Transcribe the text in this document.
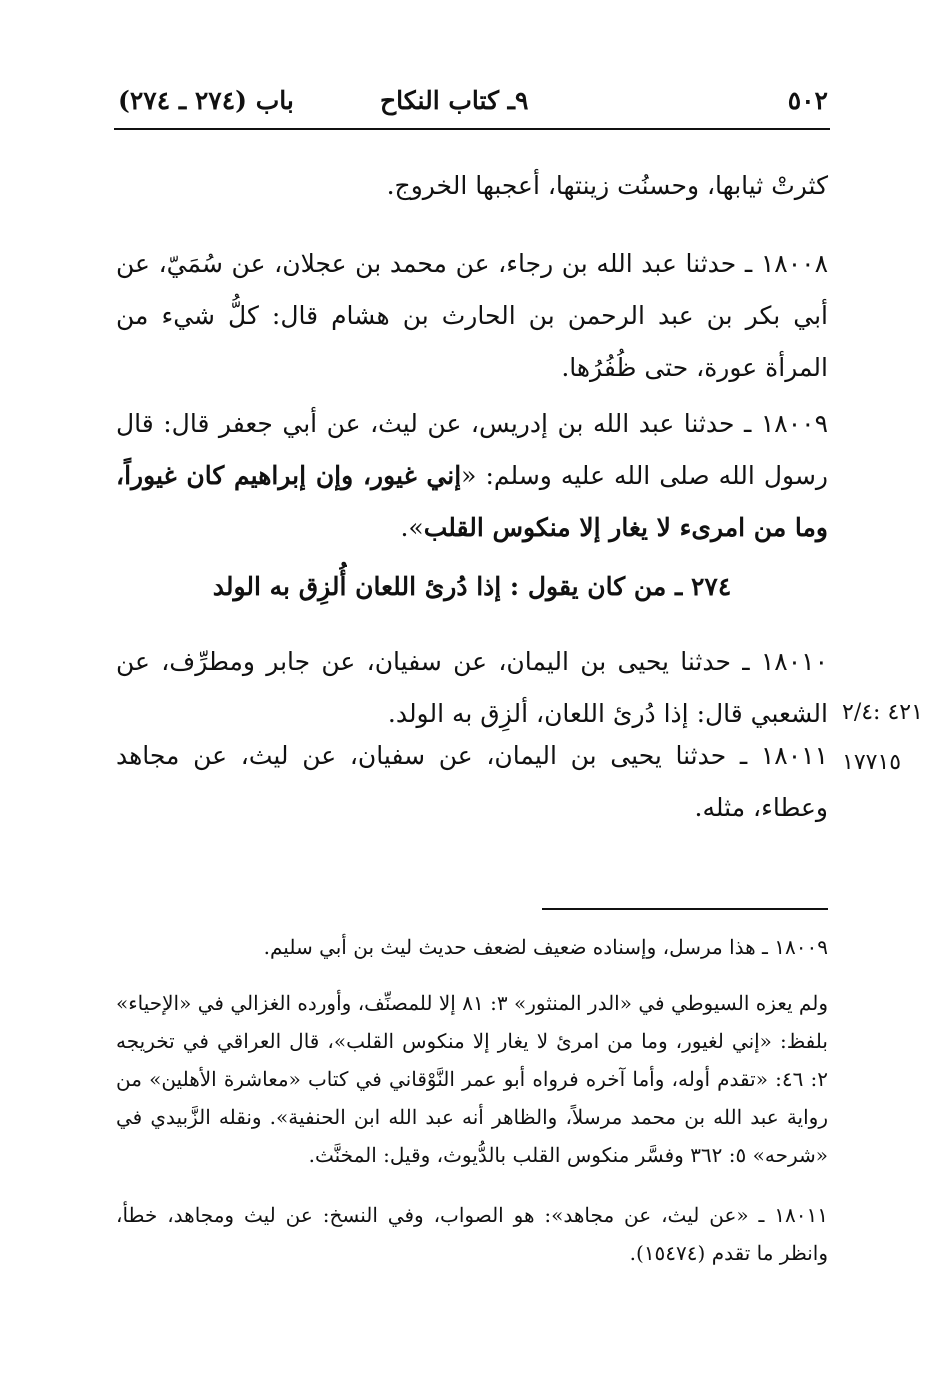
٥٠٢
٩ـ كتاب النكاح
باب (٢٧٤ ـ ٢٧٤)

كثرتْ ثيابها، وحسنُت زينتها، أعجبها الخروج.

١٨٠٠٨ ـ حدثنا عبد الله بن رجاء، عن محمد بن عجلان، عن سُمَيّ، عن أبي بكر بن عبد الرحمن بن الحارث بن هشام قال: كلُّ شيء من المرأة عورة، حتى ظُفُرُها.

١٨٠٠٩ ـ حدثنا عبد الله بن إدريس، عن ليث، عن أبي جعفر قال: قال رسول الله صلى الله عليه وسلم: «إني غيور، وإن إبراهيم كان غيوراً، وما من امرىء لا يغار إلا منكوس القلب».

٢٧٤ ـ من كان يقول : إذا دُرئ اللعان أُلزِق به الولد

١٨٠١٠ ـ حدثنا يحيى بن اليمان، عن سفيان، عن جابر ومطرِّف، عن الشعبي قال: إذا دُرئ اللعان، ألزِق به الولد. ٤٢١ :٢/٤

١٨٠١١ ـ حدثنا يحيى بن اليمان، عن سفيان، عن ليث، عن مجاهد وعطاء، مثله.

١٧٧١٥

١٨٠٠٩ ـ هذا مرسل، وإسناده ضعيف لضعف حديث ليث بن أبي سليم.

ولم يعزه السيوطي في «الدر المنثور» ٣: ٨١ إلا للمصنِّف، وأورده الغزالي في «الإحياء» بلفظ: «إني لغيور، وما من امرئ لا يغار إلا منكوس القلب»، قال العراقي في تخريجه ٢: ٤٦: «تقدم أوله، وأما آخره فرواه أبو عمر النَّوْقاني في كتاب «معاشرة الأهلين» من رواية عبد الله بن محمد مرسلاً، والظاهر أنه عبد الله ابن الحنفية». ونقله الزَّبيدي في «شرحه» ٥: ٣٦٢ وفسَّر منكوس القلب بالدُّيوث، وقيل: المخنَّث.

١٨٠١١ ـ «عن ليث، عن مجاهد»: هو الصواب، وفي النسخ: عن ليث ومجاهد، خطأ، وانظر ما تقدم (١٥٤٧٤).
